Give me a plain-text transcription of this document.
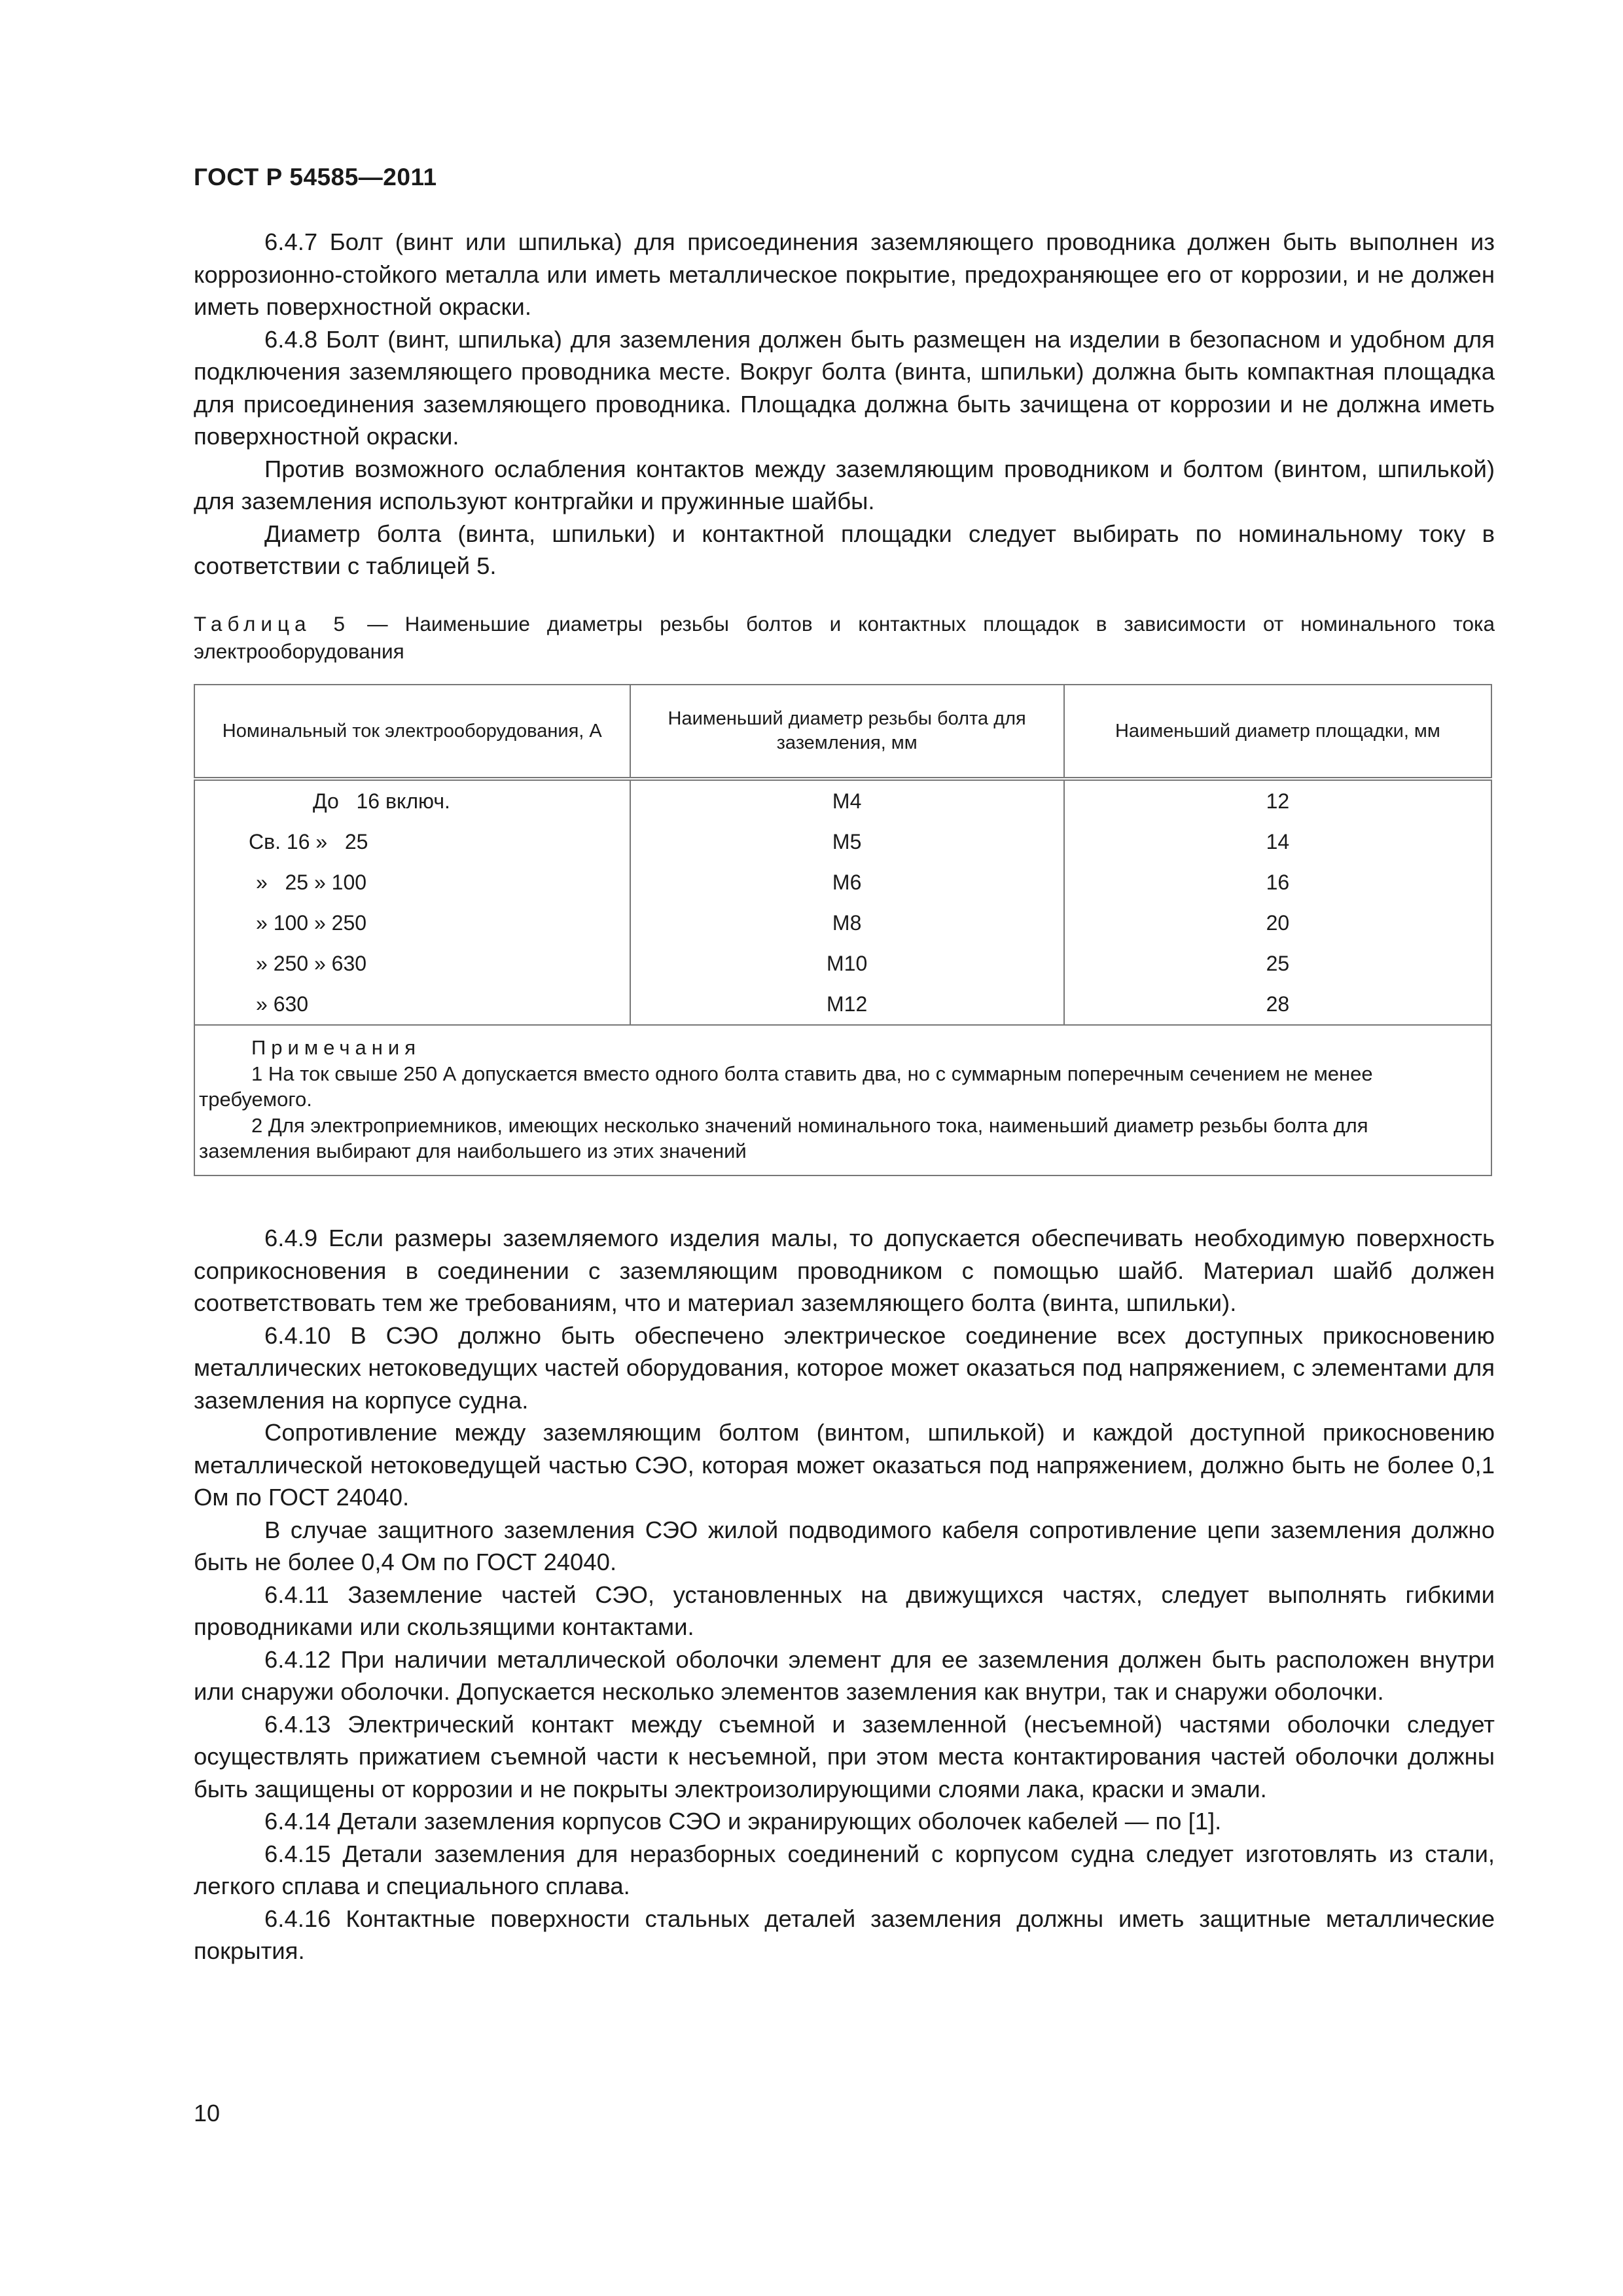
ГОСТ Р 54585—2011

6.4.7 Болт (винт или шпилька) для присоединения заземляющего проводника должен быть выполнен из коррозионно-стойкого металла или иметь металлическое покрытие, предохраняющее его от коррозии, и не должен иметь поверхностной окраски.

6.4.8 Болт (винт, шпилька) для заземления должен быть размещен на изделии в безопасном и удобном для подключения заземляющего проводника месте. Вокруг болта (винта, шпильки) должна быть компактная площадка для присоединения заземляющего проводника. Площадка должна быть зачищена от коррозии и не должна иметь поверхностной окраски.

Против возможного ослабления контактов между заземляющим проводником и болтом (винтом, шпилькой) для заземления используют контргайки и пружинные шайбы.

Диаметр болта (винта, шпильки) и контактной площадки следует выбирать по номинальному току в соответствии с таблицей 5.

Таблица 5 — Наименьшие диаметры резьбы болтов и контактных площадок в зависимости от номинального тока электрооборудования

Номинальный ток электрооборудования, А	Наименьший диаметр резьбы болта для заземления, мм	Наименьший диаметр площадки, мм
До   16 включ.	М4	12
Св. 16 »   25	М5	14
»   25 » 100	М6	16
» 100 » 250	М8	20
» 250 » 630	М10	25
» 630	М12	28

Примечания
1 На ток свыше 250 А допускается вместо одного болта ставить два, но с суммарным поперечным сечением не менее требуемого.
2 Для электроприемников, имеющих несколько значений номинального тока, наименьший диаметр резьбы болта для заземления выбирают для наибольшего из этих значений		

6.4.9 Если размеры заземляемого изделия малы, то допускается обеспечивать необходимую поверхность соприкосновения в соединении с заземляющим проводником с помощью шайб. Материал шайб должен соответствовать тем же требованиям, что и материал заземляющего болта (винта, шпильки).

6.4.10 В СЭО должно быть обеспечено электрическое соединение всех доступных прикосновению металлических нетоковедущих частей оборудования, которое может оказаться под напряжением, с элементами для заземления на корпусе судна.

Сопротивление между заземляющим болтом (винтом, шпилькой) и каждой доступной прикосновению металлической нетоковедущей частью СЭО, которая может оказаться под напряжением, должно быть не более 0,1 Ом по ГОСТ 24040.

В случае защитного заземления СЭО жилой подводимого кабеля сопротивление цепи заземления должно быть не более 0,4 Ом по ГОСТ 24040.

6.4.11 Заземление частей СЭО, установленных на движущихся частях, следует выполнять гибкими проводниками или скользящими контактами.

6.4.12 При наличии металлической оболочки элемент для ее заземления должен быть расположен внутри или снаружи оболочки. Допускается несколько элементов заземления как внутри, так и снаружи оболочки.

6.4.13 Электрический контакт между съемной и заземленной (несъемной) частями оболочки следует осуществлять прижатием съемной части к несъемной, при этом места контактирования частей оболочки должны быть защищены от коррозии и не покрыты электроизолирующими слоями лака, краски и эмали.

6.4.14 Детали заземления корпусов СЭО и экранирующих оболочек кабелей — по [1].

6.4.15 Детали заземления для неразборных соединений с корпусом судна следует изготовлять из стали, легкого сплава и специального сплава.

6.4.16 Контактные поверхности стальных деталей заземления должны иметь защитные металлические покрытия.

10
